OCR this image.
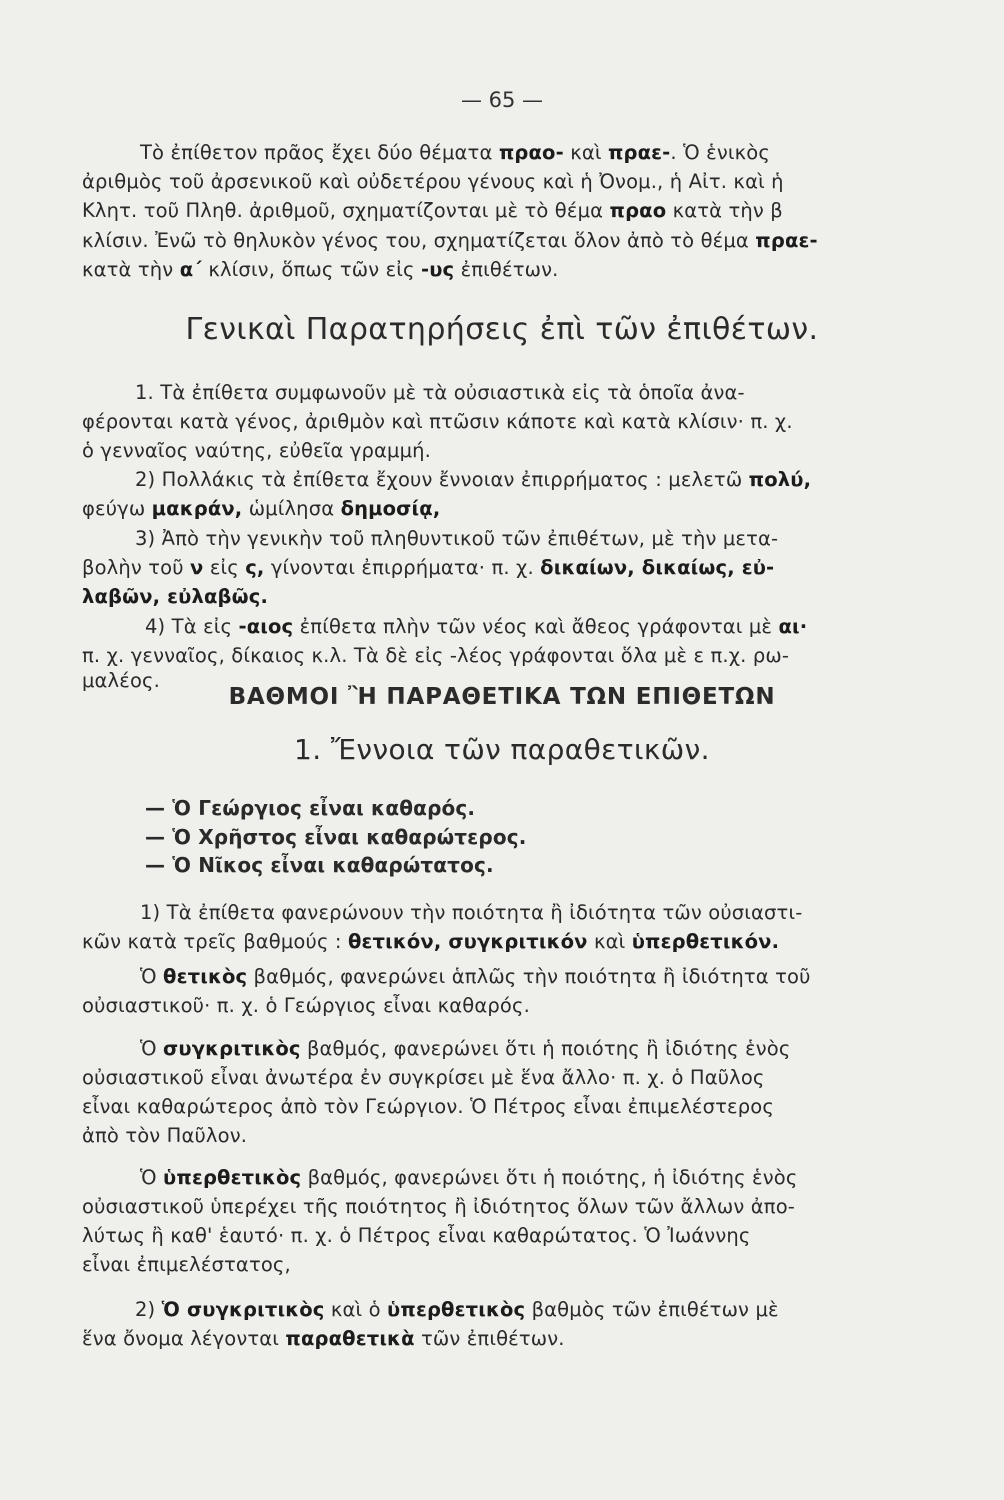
— 65 —
Τὸ ἐπίθετον πρᾶος ἔχει δύο θέματα πραο- καὶ πραε-. Ὁ ἑνικὸς
ἀριθμὸς τοῦ ἀρσενικοῦ καὶ οὐδετέρου γένους καὶ ἡ Ὀνομ., ἡ Αἰτ. καὶ ἡ
Κλητ. τοῦ Πληθ. ἀριθμοῦ, σχηματίζονται μὲ τὸ θέμα πραο κατὰ τὴν β
κλίσιν. Ἐνῶ τὸ θηλυκὸν γένος του, σχηματίζεται ὅλον ἀπὸ τὸ θέμα πραε-
κατὰ τὴν α΄ κλίσιν, ὅπως τῶν εἰς -υς ἐπιθέτων.
Γενικαὶ Παρατηρήσεις ἐπὶ τῶν ἐπιθέτων.
1. Τὰ ἐπίθετα συμφωνοῦν μὲ τὰ οὐσιαστικὰ εἰς τὰ ὁποῖα ἀνα-
φέρονται κατὰ γένος, ἀριθμὸν καὶ πτῶσιν κάποτε καὶ κατὰ κλίσιν· π. χ.
ὁ γενναῖος ναύτης, εὐθεῖα γραμμή.
2) Πολλάκις τὰ ἐπίθετα ἔχουν ἔννοιαν ἐπιρρήματος : μελετῶ πολύ,
φεύγω μακράν, ὡμίλησα δημοσίᾳ,
3) Ἀπὸ τὴν γενικὴν τοῦ πληθυντικοῦ τῶν ἐπιθέτων, μὲ τὴν μετα-
βολὴν τοῦ ν εἰς ς, γίνονται ἐπιρρήματα· π. χ. δικαίων, δικαίως, εὐ-
λαβῶν, εὐλαβῶς.
4) Τὰ εἰς -αιος ἐπίθετα πλὴν τῶν νέος καὶ ἄθεος γράφονται μὲ αι·
π. χ. γενναῖος, δίκαιος κ.λ. Τὰ δὲ εἰς -λέος γράφονται ὅλα μὲ ε π.χ. ρω-
μαλέος.
ΒΑΘΜΟΙ Ἢ ΠΑΡΑΘΕΤΙΚΑ ΤΩΝ ΕΠΙΘΕΤΩΝ
1. Ἔννοια τῶν παραθετικῶν.
— Ὁ Γεώργιος εἶναι καθαρός.
— Ὁ Χρῆστος εἶναι καθαρώτερος.
— Ὁ Νῖκος εἶναι καθαρώτατος.
1) Τὰ ἐπίθετα φανερώνουν τὴν ποιότητα ἢ ἰδιότητα τῶν οὐσιαστι-
κῶν κατὰ τρεῖς βαθμούς : θετικόν, συγκριτικόν καὶ ὑπερθετικόν.
Ὁ θετικὸς βαθμός, φανερώνει ἁπλῶς τὴν ποιότητα ἢ ἰδιότητα τοῦ
οὐσιαστικοῦ· π. χ. ὁ Γεώργιος εἶναι καθαρός.
Ὁ συγκριτικὸς βαθμός, φανερώνει ὅτι ἡ ποιότης ἢ ἰδιότης ἑνὸς
οὐσιαστικοῦ εἶναι ἀνωτέρα ἐν συγκρίσει μὲ ἕνα ἄλλο· π. χ. ὁ Παῦλος
εἶναι καθαρώτερος ἀπὸ τὸν Γεώργιον. Ὁ Πέτρος εἶναι ἐπιμελέστερος
ἀπὸ τὸν Παῦλον.
Ὁ ὑπερθετικὸς βαθμός, φανερώνει ὅτι ἡ ποιότης, ἡ ἰδιότης ἑνὸς
οὐσιαστικοῦ ὑπερέχει τῆς ποιότητος ἢ ἰδιότητος ὅλων τῶν ἄλλων ἀπο-
λύτως ἢ καθ' ἑαυτό· π. χ. ὁ Πέτρος εἶναι καθαρώτατος. Ὁ Ἰωάννης
εἶναι ἐπιμελέστατος,
2) Ὁ συγκριτικὸς καὶ ὁ ὑπερθετικὸς βαθμὸς τῶν ἐπιθέτων μὲ
ἕνα ὄνομα λέγονται παραθετικὰ τῶν ἐπιθέτων.
